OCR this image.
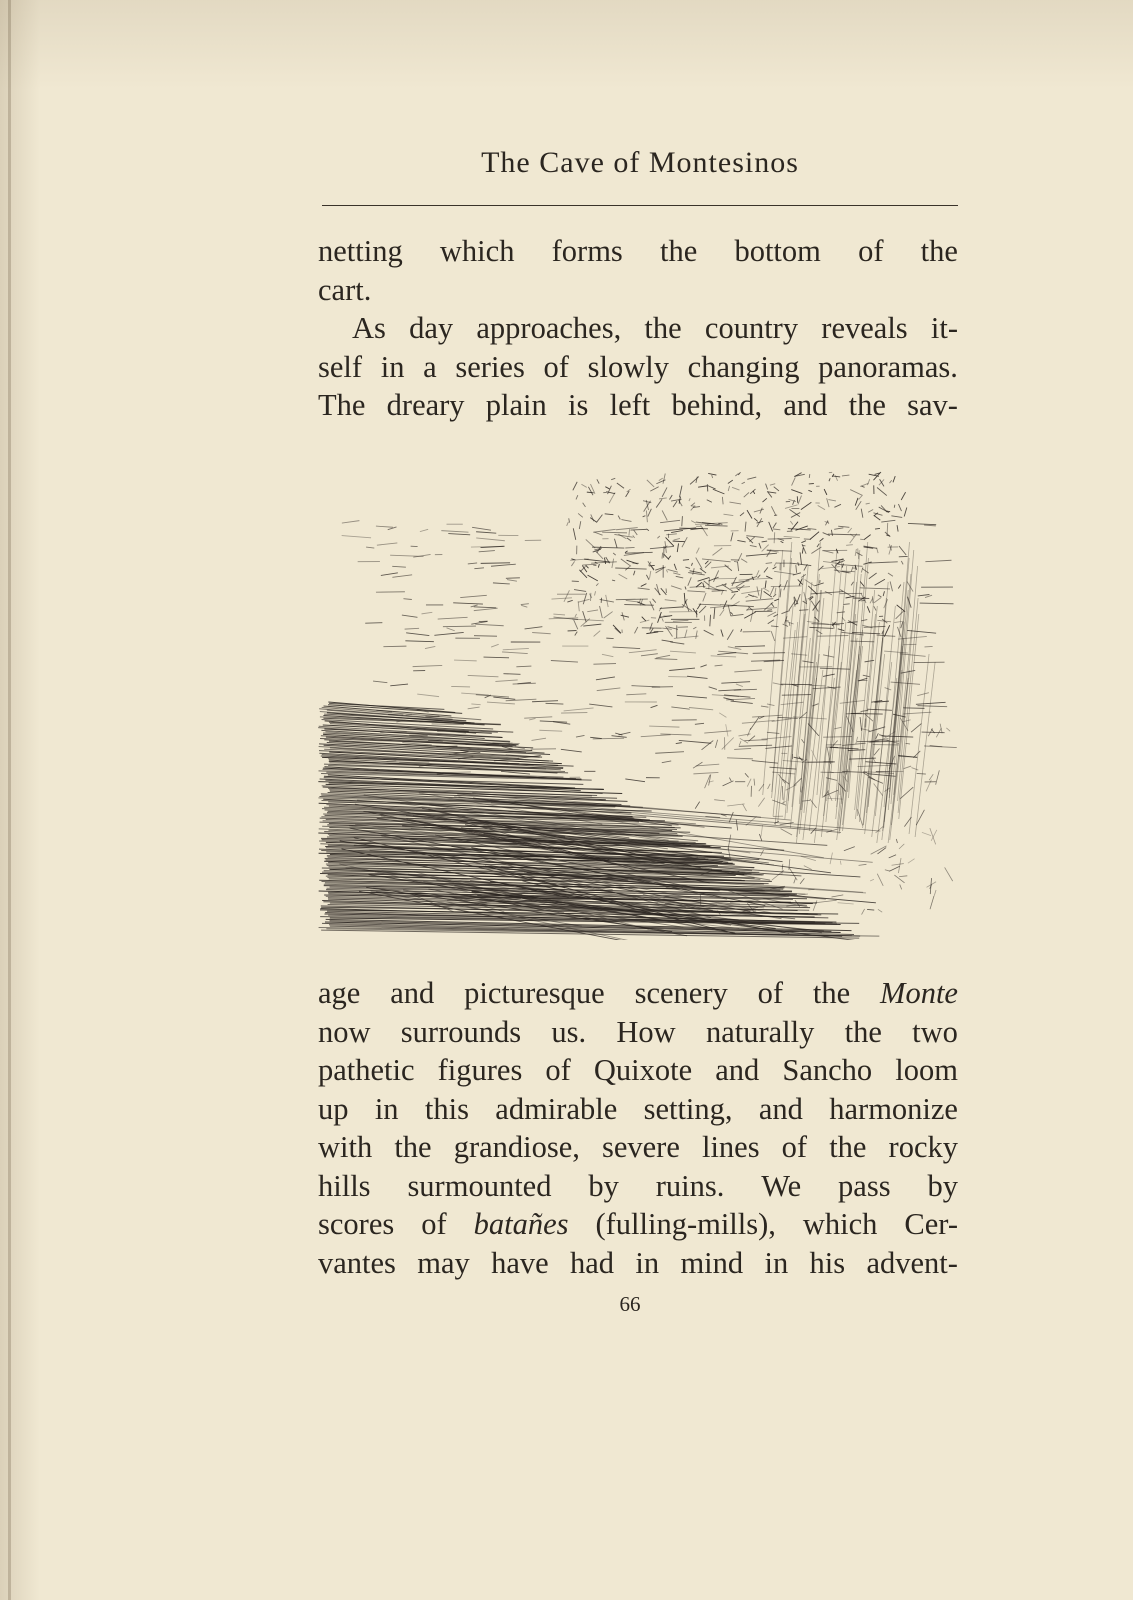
The Cave of Montesinos
netting which forms the bottom of the
cart.
As day approaches, the country reveals it-
self in a series of slowly changing panoramas.
The dreary plain is left behind, and the sav-
age and picturesque scenery of the Monte
now surrounds us. How naturally the two
pathetic figures of Quixote and Sancho loom
up in this admirable setting, and harmonize
with the grandiose, severe lines of the rocky
hills surmounted by ruins. We pass by
scores of batañes (fulling-mills), which Cer-
vantes may have had in mind in his advent-
66
